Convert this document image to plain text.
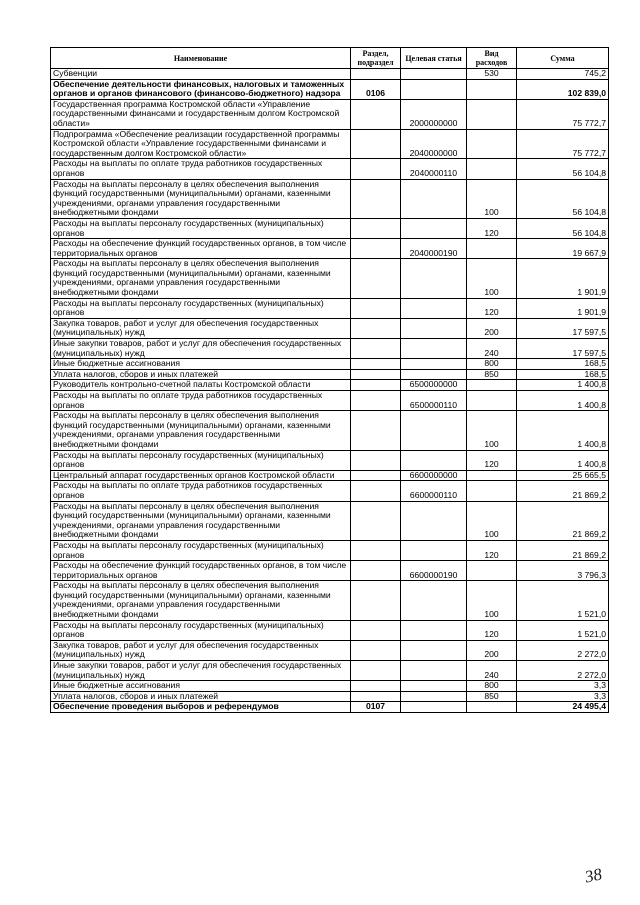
Наименование	Раздел, подраздел	Целевая статья	Вид расходов	Сумма
Субвенции			530	745,2
Обеспечение деятельности финансовых, налоговых и таможенных органов и органов финансового (финансово-бюджетного) надзора	0106			102 839,0
Государственная программа Костромской области «Управление государственными финансами и государственным долгом Костромской области»		2000000000		75 772,7
Подпрограмма «Обеспечение реализации государственной программы Костромской области «Управление государственными финансами и государственным долгом Костромской области»		2040000000		75 772,7
Расходы на выплаты по оплате труда работников государственных органов		2040000110		56 104,8
Расходы на выплаты персоналу в целях обеспечения выполнения функций государственными (муниципальными) органами, казенными учреждениями, органами управления государственными внебюджетными фондами			100	56 104,8
Расходы на выплаты персоналу государственных (муниципальных) органов			120	56 104,8
Расходы на обеспечение функций государственных органов, в том числе территориальных органов		2040000190		19 667,9
Расходы на выплаты персоналу в целях обеспечения выполнения функций государственными (муниципальными) органами, казенными учреждениями, органами управления государственными внебюджетными фондами			100	1 901,9
Расходы на выплаты персоналу государственных (муниципальных) органов			120	1 901,9
Закупка товаров, работ и услуг для обеспечения государственных (муниципальных) нужд			200	17 597,5
Иные закупки товаров, работ и услуг для обеспечения государственных (муниципальных) нужд			240	17 597,5
Иные бюджетные ассигнования			800	168,5
Уплата налогов, сборов и иных платежей			850	168,5
Руководитель контрольно-счетной палаты Костромской области		6500000000		1 400,8
Расходы на выплаты по оплате труда работников государственных органов		6500000110		1 400,8
Расходы на выплаты персоналу в целях обеспечения выполнения функций государственными (муниципальными) органами, казенными учреждениями, органами управления государственными внебюджетными фондами			100	1 400,8
Расходы на выплаты персоналу государственных (муниципальных) органов			120	1 400,8
Центральный аппарат государственных органов Костромской области		6600000000		25 665,5
Расходы на выплаты по оплате труда работников государственных органов		6600000110		21 869,2
Расходы на выплаты персоналу в целях обеспечения выполнения функций государственными (муниципальными) органами, казенными учреждениями, органами управления государственными внебюджетными фондами			100	21 869,2
Расходы на выплаты персоналу государственных (муниципальных) органов			120	21 869,2
Расходы на обеспечение функций государственных органов, в том числе территориальных органов		6600000190		3 796,3
Расходы на выплаты персоналу в целях обеспечения выполнения функций государственными (муниципальными) органами, казенными учреждениями, органами управления государственными внебюджетными фондами			100	1 521,0
Расходы на выплаты персоналу государственных (муниципальных) органов			120	1 521,0
Закупка товаров, работ и услуг для обеспечения государственных (муниципальных) нужд			200	2 272,0
Иные закупки товаров, работ и услуг для обеспечения государственных (муниципальных) нужд			240	2 272,0
Иные бюджетные ассигнования			800	3,3
Уплата налогов, сборов и иных платежей			850	3,3
Обеспечение проведения выборов и референдумов	0107			24 495,4
38
